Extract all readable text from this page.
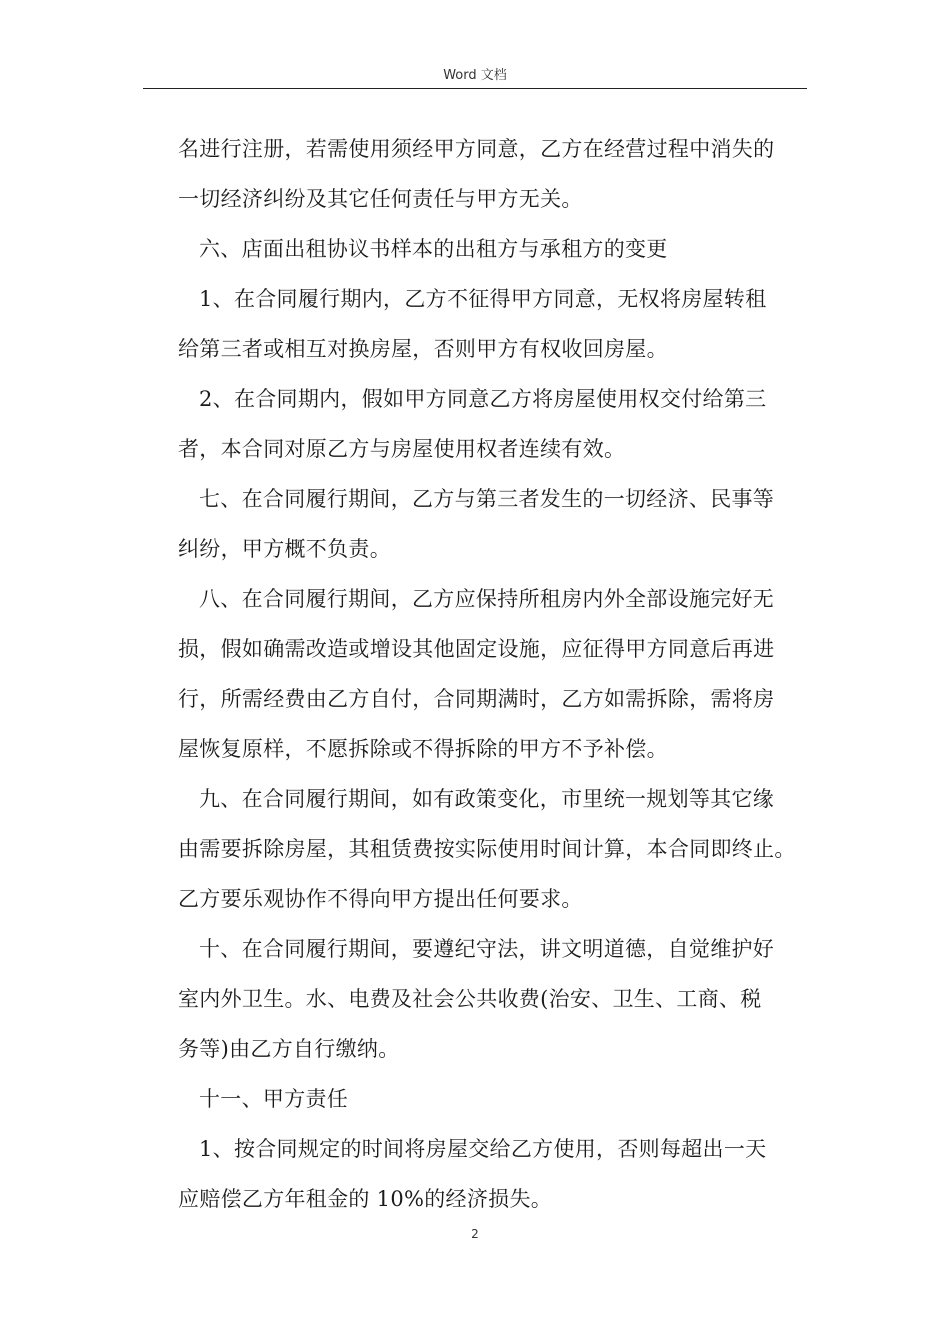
Word 文档
名进行注册，若需使用须经甲方同意，乙方在经营过程中消失的
一切经济纠纷及其它任何责任与甲方无关。
六、店面出租协议书样本的出租方与承租方的变更
1、在合同履行期内，乙方不征得甲方同意，无权将房屋转租
给第三者或相互对换房屋，否则甲方有权收回房屋。
2、在合同期内，假如甲方同意乙方将房屋使用权交付给第三
者，本合同对原乙方与房屋使用权者连续有效。
七、在合同履行期间，乙方与第三者发生的一切经济、民事等
纠纷，甲方概不负责。
八、在合同履行期间，乙方应保持所租房内外全部设施完好无
损，假如确需改造或增设其他固定设施，应征得甲方同意后再进
行，所需经费由乙方自付，合同期满时，乙方如需拆除，需将房
屋恢复原样，不愿拆除或不得拆除的甲方不予补偿。
九、在合同履行期间，如有政策变化，市里统一规划等其它缘
由需要拆除房屋，其租赁费按实际使用时间计算，本合同即终止。
乙方要乐观协作不得向甲方提出任何要求。
十、在合同履行期间，要遵纪守法，讲文明道德，自觉维护好
室内外卫生。水、电费及社会公共收费(治安、卫生、工商、税
务等)由乙方自行缴纳。
十一、甲方责任
1、按合同规定的时间将房屋交给乙方使用，否则每超出一天
应赔偿乙方年租金的 10%的经济损失。
2
